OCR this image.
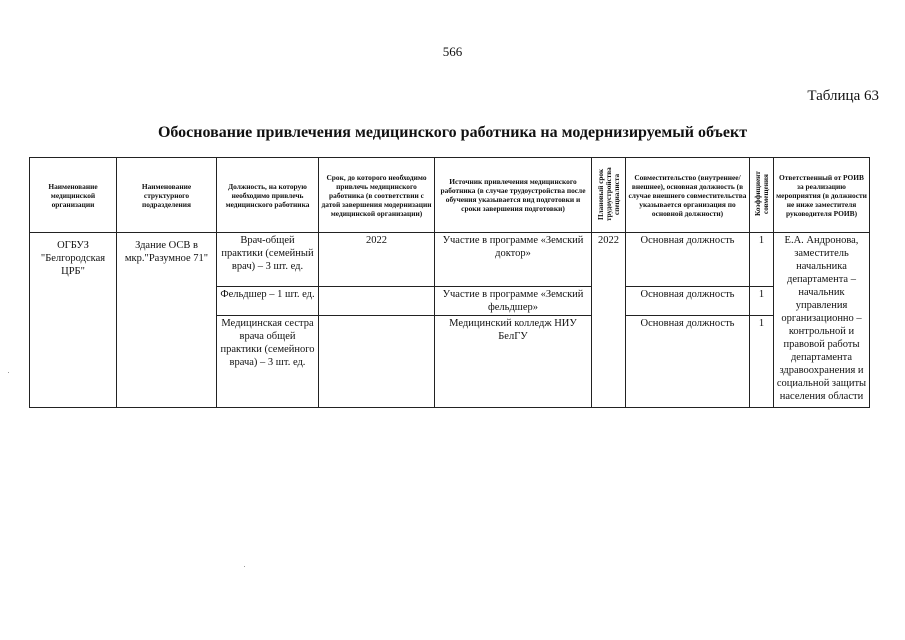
566
Таблица 63
Обоснование привлечения медицинского работника на модернизируемый объект
Наименование медицинской организации	Наименование структурного подразделения	Должность, на которую необходимо привлечь медицинского работника	Срок, до которого необходимо привлечь медицинского работника (в соответствии с датой завершения модернизации медицинской организации)	Источник привлечения медицинского работника (в случае трудоустройства после обучения указывается вид подготовки и сроки завершения подготовки)	Плановый срок трудоустройства специалиста	Совместительство (внутреннее/ внешнее), основная должность (в случае внешнего совместительства указывается организация по основной должности)	Коэффициент совмещения	Ответственный от РОИВ за реализацию мероприятия (в должности не ниже заместителя руководителя РОИВ)
ОГБУЗ "Белгородская ЦРБ"	Здание ОСВ в мкр."Разумное 71"	Врач-общей практики (семейный врач) – 3 шт. ед.	2022	Участие в программе «Земский доктор»	2022	Основная должность	1	Е.А. Андронова, заместитель начальника департамента – начальник управления организационно – контрольной и правовой работы департамента здравоохранения и социальной защиты населения области
		Фельдшер – 1 шт. ед.		Участие в программе «Земский фельдшер»		Основная должность	1	
		Медицинская сестра врача общей практики (семейного врача) – 3 шт. ед.		Медицинский колледж НИУ БелГУ		Основная должность	1	
